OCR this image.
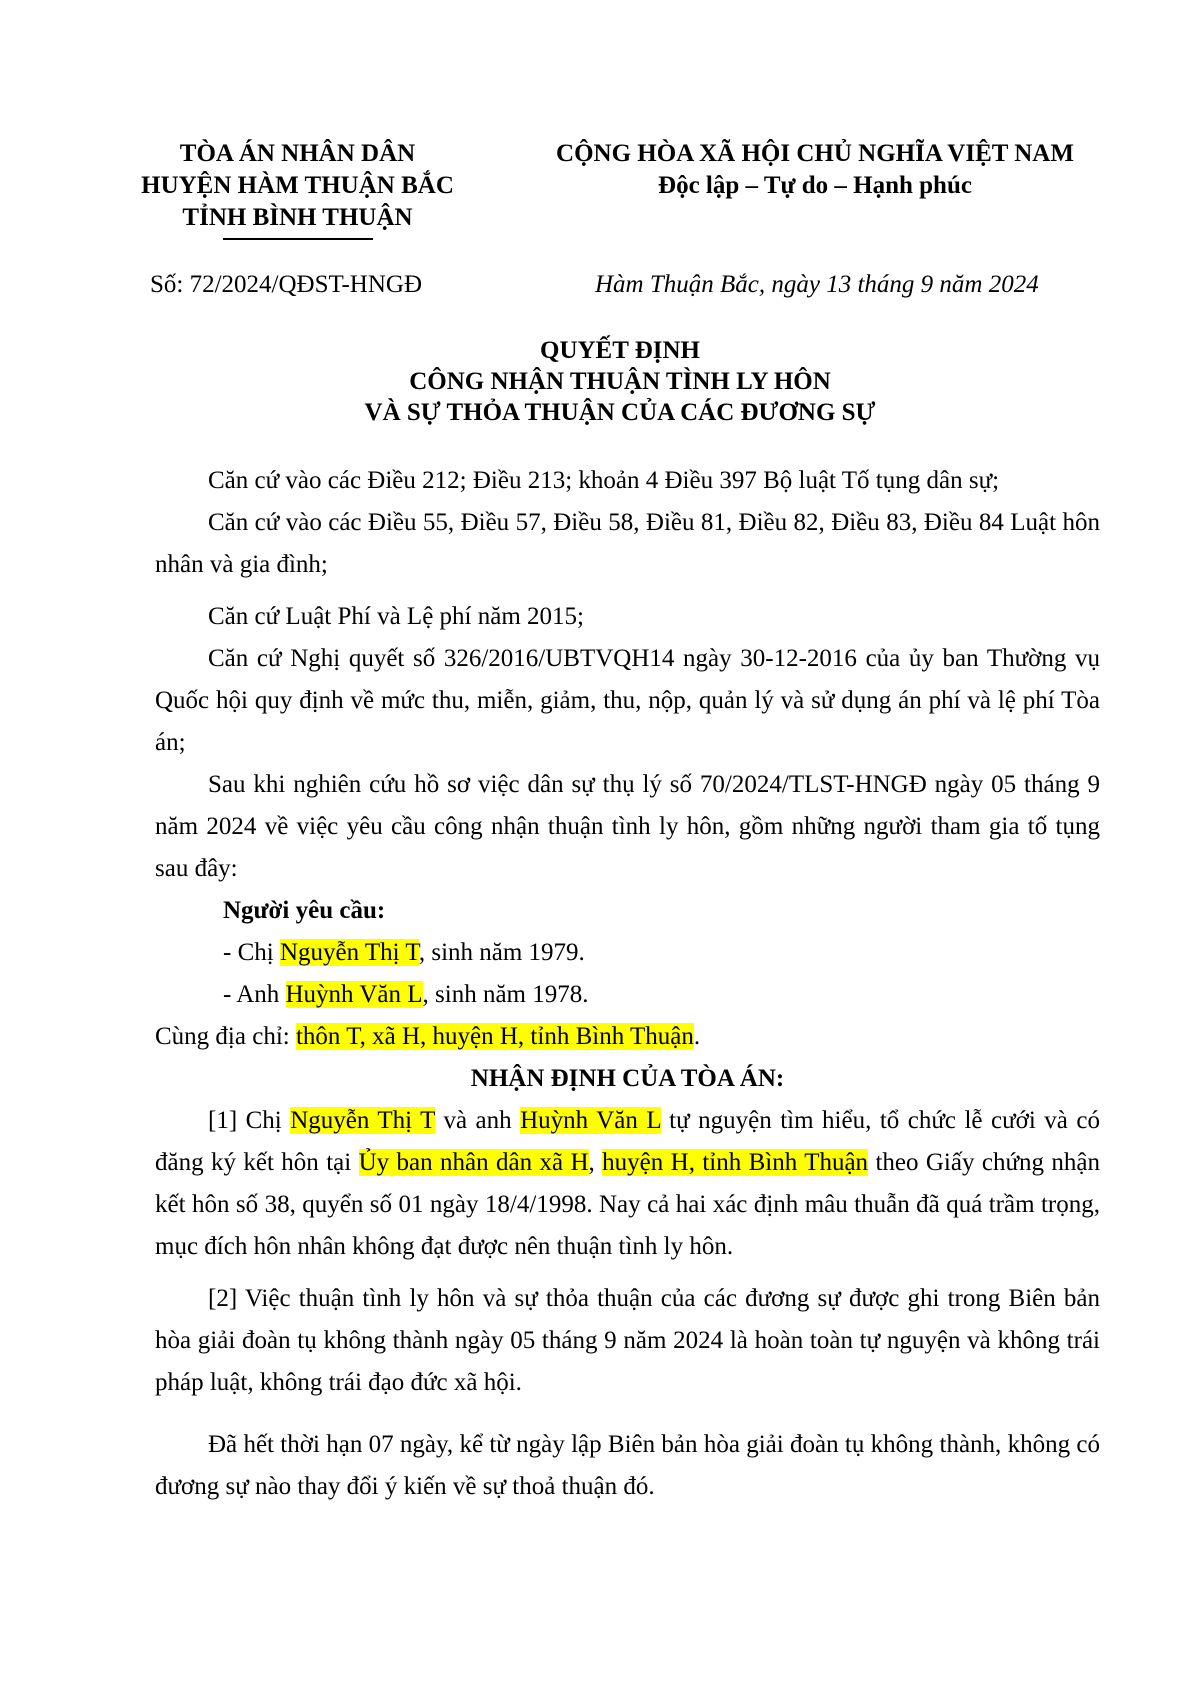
TÒA ÁN NHÂN DÂN
HUYỆN HÀM THUẬN BẮC
TỈNH BÌNH THUẬN
CỘNG HÒA XÃ HỘI CHỦ NGHĨA VIỆT NAM
Độc lập – Tự do – Hạnh phúc
Số: 72/2024/QĐST-HNGĐ	Hàm Thuận Bắc, ngày 13 tháng 9 năm 2024
QUYẾT ĐỊNH
CÔNG NHẬN THUẬN TÌNH LY HÔN
VÀ SỰ THỎA THUẬN CỦA CÁC ĐƯƠNG SỰ

Căn cứ vào các Điều 212; Điều 213; khoản 4 Điều 397 Bộ luật Tố tụng dân sự;

Căn cứ vào các Điều 55, Điều 57, Điều 58, Điều 81, Điều 82, Điều 83, Điều 84 Luật hôn nhân và gia đình;

Căn cứ Luật Phí và Lệ phí năm 2015;

Căn cứ Nghị quyết số 326/2016/UBTVQH14 ngày 30-12-2016 của ủy ban Thường vụ Quốc hội quy định về mức thu, miễn, giảm, thu, nộp, quản lý và sử dụng án phí và lệ phí Tòa án;

Sau khi nghiên cứu hồ sơ việc dân sự thụ lý số 70/2024/TLST-HNGĐ ngày 05 tháng 9 năm 2024 về việc yêu cầu công nhận thuận tình ly hôn, gồm những người tham gia tố tụng sau đây:

Người yêu cầu:

- Chị Nguyễn Thị T, sinh năm 1979.

- Anh Huỳnh Văn L, sinh năm 1978.

Cùng địa chỉ: thôn T, xã H, huyện H, tỉnh Bình Thuận.

NHẬN ĐỊNH CỦA TÒA ÁN:

[1] Chị Nguyễn Thị T và anh Huỳnh Văn L tự nguyện tìm hiểu, tổ chức lễ cưới và có đăng ký kết hôn tại Ủy ban nhân dân xã H, huyện H, tỉnh Bình Thuận theo Giấy chứng nhận kết hôn số 38, quyển số 01 ngày 18/4/1998. Nay cả hai xác định mâu thuẫn đã quá trầm trọng, mục đích hôn nhân không đạt được nên thuận tình ly hôn.

[2] Việc thuận tình ly hôn và sự thỏa thuận của các đương sự được ghi trong Biên bản hòa giải đoàn tụ không thành ngày 05 tháng 9 năm 2024 là hoàn toàn tự nguyện và không trái pháp luật, không trái đạo đức xã hội.

Đã hết thời hạn 07 ngày, kể từ ngày lập Biên bản hòa giải đoàn tụ không thành, không có đương sự nào thay đổi ý kiến về sự thoả thuận đó.
